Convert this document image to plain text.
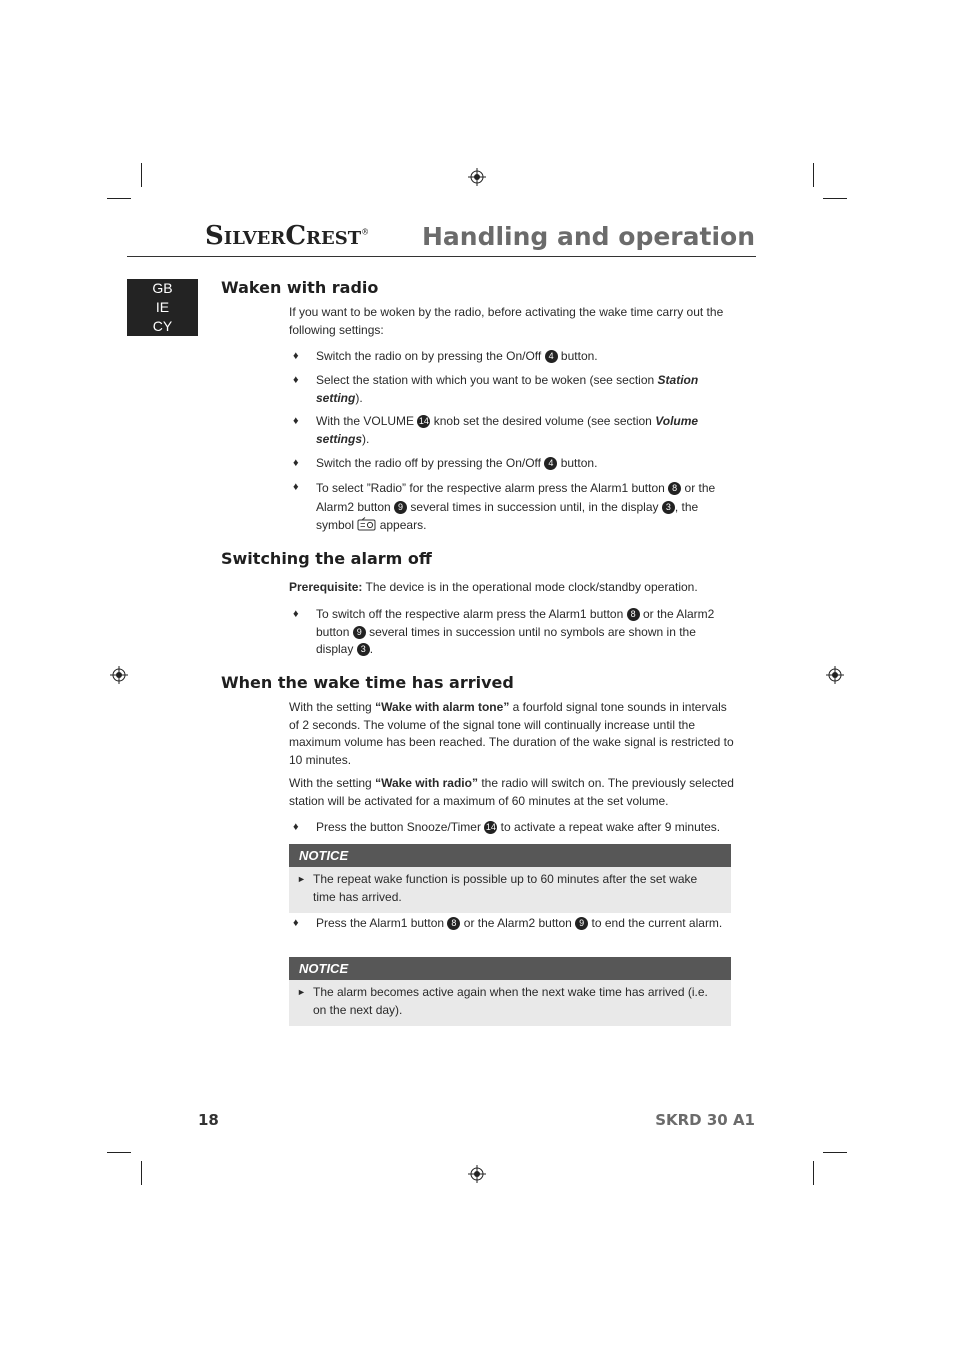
SilverCrest® Handling and operation
GB
IE
CY
Waken with radio

If you want to be woken by the radio, before activating the wake time carry out the following settings:

♦ Switch the radio on by pressing the On/Off 4 button.
♦ Select the station with which you want to be woken (see section Station setting).
♦ With the VOLUME 14 knob set the desired volume (see section Volume settings).
♦ Switch the radio off by pressing the On/Off 4 button.
♦ To select ”Radio” for the respective alarm press the Alarm1 button 8 or the Alarm2 button 9 several times in succession until, in the display 3 , the symbol appears.
Switching the alarm off

Prerequisite: The device is in the operational mode clock/standby operation.

♦ To switch off the respective alarm press the Alarm1 button 8 or the Alarm2 button 9 several times in succession until no symbols are shown in the display 3 .
When the wake time has arrived

With the setting “Wake with alarm tone” a fourfold signal tone sounds in intervals of 2 seconds. The volume of the signal tone will continually increase until the maximum volume has been reached. The duration of the wake signal is restricted to 10 minutes.

With the setting “Wake with radio” the radio will switch on. The previously selected station will be activated for a maximum of 60 minutes at the set volume.

♦ Press the button Snooze/Timer 14 to activate a repeat wake after 9 minutes.
NOTICE
► The repeat wake function is possible up to 60 minutes after the set wake time has arrived.
♦ Press the Alarm1 button 8 or the Alarm2 button 9 to end the current alarm.
NOTICE
► The alarm becomes active again when the next wake time has arrived (i.e. on the next day).
18	SKRD 30 A1
